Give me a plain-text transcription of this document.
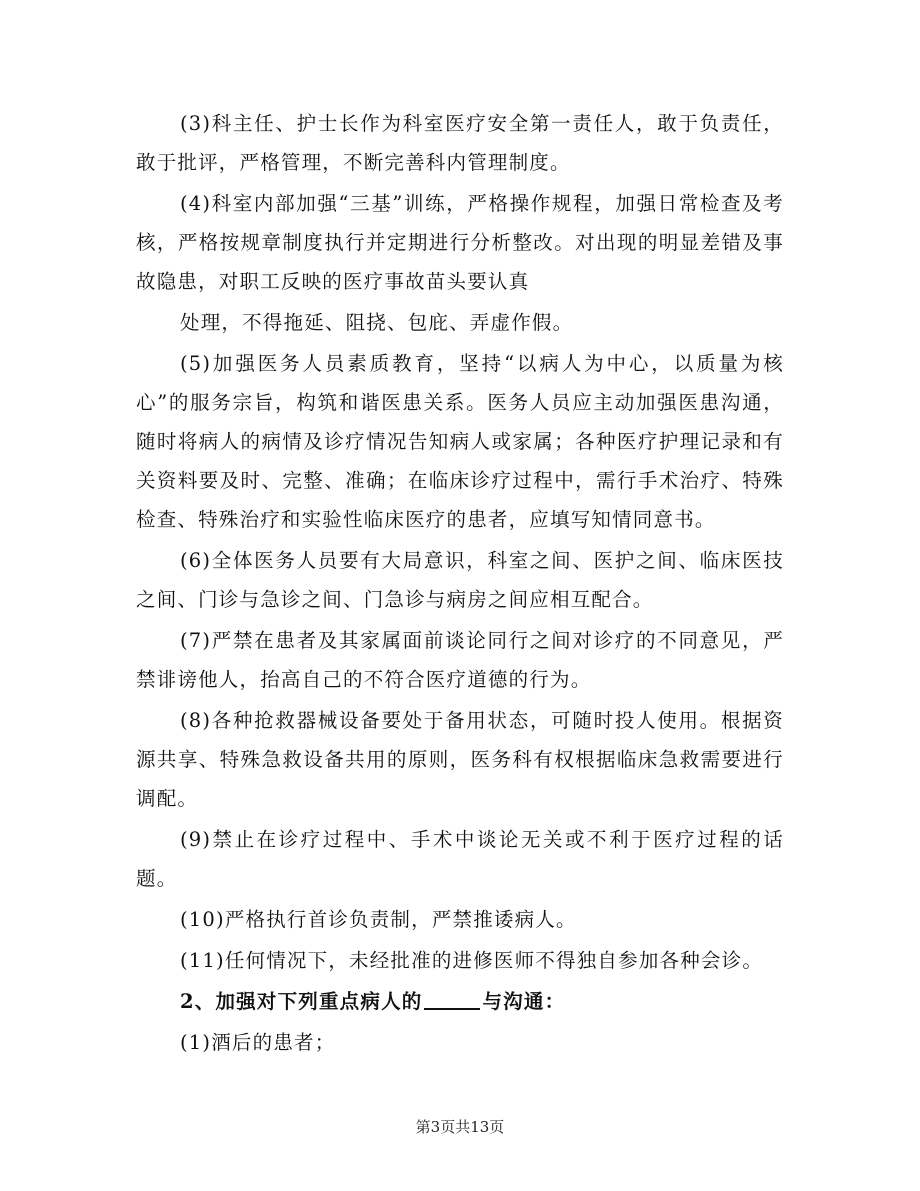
(3)科主任、护士长作为科室医疗安全第一责任人，敢于负责任，敢于批评，严格管理，不断完善科内管理制度。

(4)科室内部加强“三基”训练，严格操作规程，加强日常检查及考核，严格按规章制度执行并定期进行分析整改。对出现的明显差错及事故隐患，对职工反映的医疗事故苗头要认真

处理，不得拖延、阻挠、包庇、弄虚作假。

(5)加强医务人员素质教育，坚持“以病人为中心，以质量为核心”的服务宗旨，构筑和谐医患关系。医务人员应主动加强医患沟通，随时将病人的病情及诊疗情况告知病人或家属；各种医疗护理记录和有关资料要及时、完整、准确；在临床诊疗过程中，需行手术治疗、特殊检查、特殊治疗和实验性临床医疗的患者，应填写知情同意书。

(6)全体医务人员要有大局意识，科室之间、医护之间、临床医技之间、门诊与急诊之间、门急诊与病房之间应相互配合。

(7)严禁在患者及其家属面前谈论同行之间对诊疗的不同意见，严禁诽谤他人，抬高自己的不符合医疗道德的行为。

(8)各种抢救器械设备要处于备用状态，可随时投人使用。根据资源共享、特殊急救设备共用的原则，医务科有权根据临床急救需要进行调配。

(9)禁止在诊疗过程中、手术中谈论无关或不利于医疗过程的话题。

(10)严格执行首诊负责制，严禁推诿病人。

(11)任何情况下，未经批准的进修医师不得独自参加各种会诊。

2、加强对下列重点病人的	与沟通：

(1)酒后的患者；

第3页共13页
